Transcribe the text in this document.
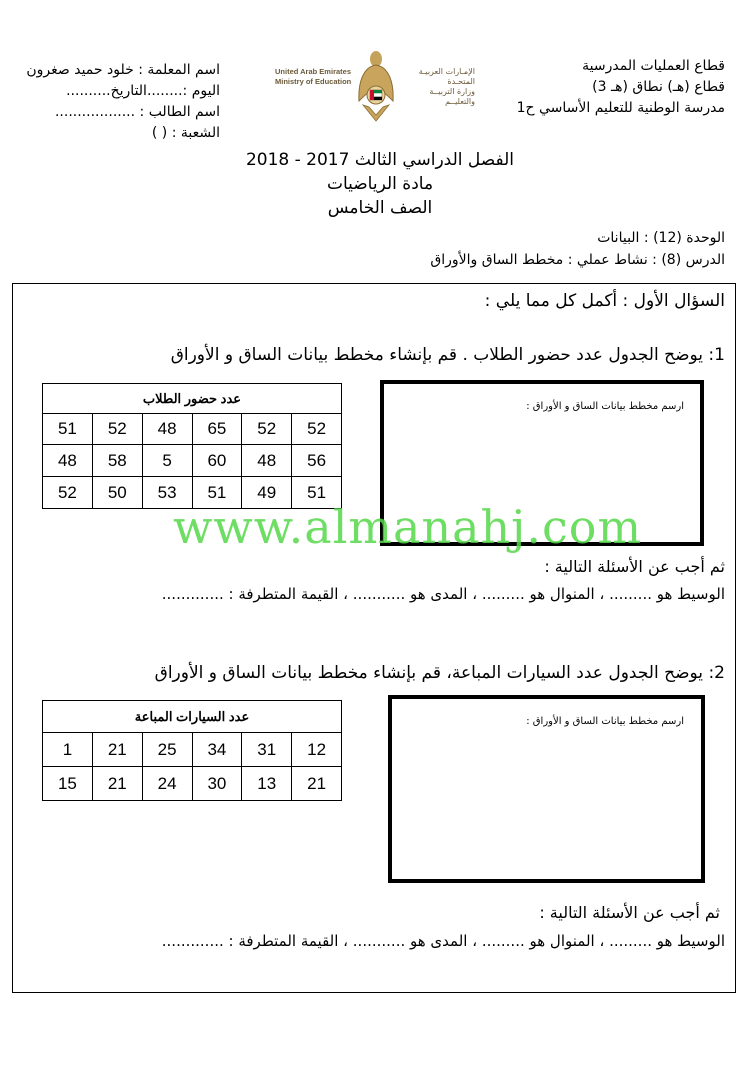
اسم المعلمة : خلود حميد صغرون
اليوم :........التاريخ..........
اسم الطالب : ..................
الشعبة : ( )
قطاع العمليات المدرسية
قطاع (هـ) نطاق (هـ 3)
مدرسة الوطنية للتعليم الأساسي ح1
United Arab Emirates
Ministry of Education
الإمـارات العربيـة المتحـدة
وزارة التربيــة والتعليــم
الفصل الدراسي الثالث 2017 - 2018
مادة الرياضيات
الصف الخامس
الوحدة (12) : البيانات
الدرس (8) : نشاط عملي : مخطط الساق والأوراق
السؤال الأول : أكمل كل مما يلي :
1: يوضح الجدول عدد حضور الطلاب . قم بإنشاء مخطط بيانات الساق و الأوراق
عدد حضور الطلاب					
52	52	65	48	52	51
56	48	60	5	58	48
51	49	51	53	50	52
ارسم مخطط بيانات الساق و الأوراق :
www.almanahj.com
ثم أجب عن الأسئلة التالية :
الوسيط هو ......... ، المنوال هو ......... ، المدى هو ........... ، القيمة المتطرفة : .............
2: يوضح الجدول عدد السيارات المباعة، قم بإنشاء مخطط بيانات الساق و الأوراق
عدد السيارات المباعة					
12	31	34	25	21	1
21	13	30	24	21	15
ارسم مخطط بيانات الساق و الأوراق :
ثم أجب عن الأسئلة التالية :
الوسيط هو ......... ، المنوال هو ......... ، المدى هو ........... ، القيمة المتطرفة : .............
